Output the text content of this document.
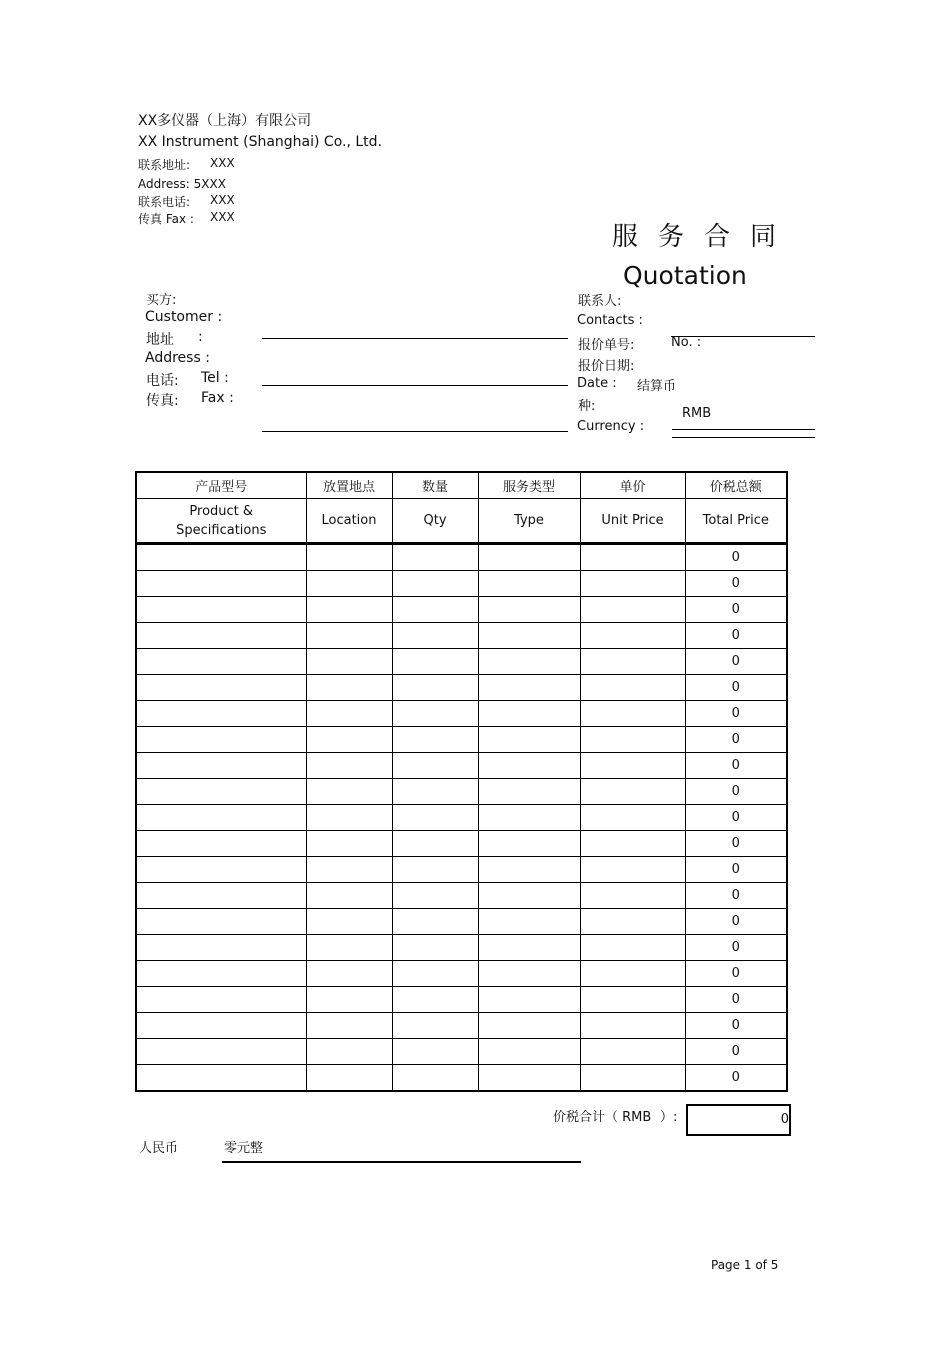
XX多仪器（上海）有限公司
XX Instrument (Shanghai) Co., Ltd.
联系地址: XXX
Address: 5XXX
联系电话: XXX
传真 Fax : XXX
服务合同
Quotation
买方:
Customer :
地址 :
Address :
电话: Tel :
传真: Fax :
联系人:
Contacts :
报价单号:	No. :
报价日期:
Date : 结算币
种:	RMB
Currency :
产品型号	放置地点	数量	服务类型	单价	价税总额
Product &
Specifications	Location	Qty	Type	Unit Price	Total Price
					0
					0
					0
					0
					0
					0
					0
					0
					0
					0
					0
					0
					0
					0
					0
					0
					0
					0
					0
					0
					0
价税合计（ RMB ）:	0
人民币	零元整
Page 1 of 5
